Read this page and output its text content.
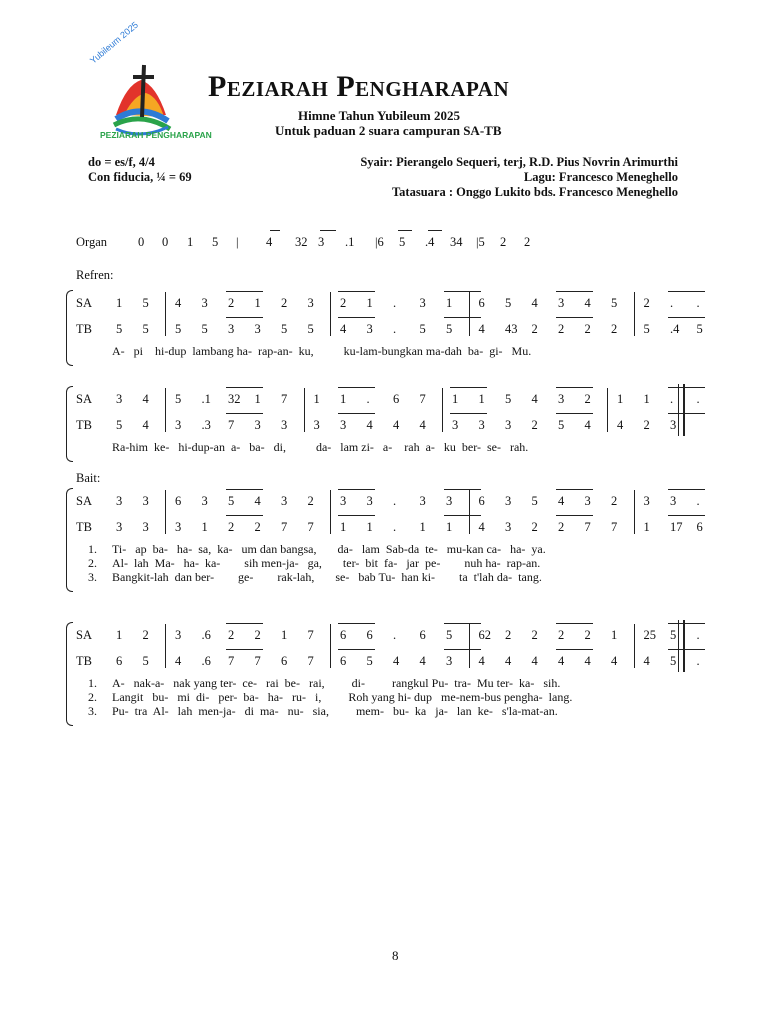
Yubileum 2025
PEZIARAH PENGHARAPAN
Peziarah Pengharapan
Himne Tahun Yubileum 2025
Untuk paduan 2 suara campuran SA-TB
do = es/f, 4/4
Con fiducia, ¼ = 69
Syair: Pierangelo Sequeri, terj, R.D. Pius Novrin Arimurthi
Lagu: Francesco Meneghello
Tatasuara : Onggo Lukito bds. Francesco Meneghello
Organ 0 0 1 5 | 4 32 3 .1 |6 5 .4 34 |5 2 2
Refren:
Bait:
SA
TB
1 5 4 3 2 1 2 3 2 1 . 3 1 6 5 4 3 4 5 2 . .
5 5 5 5 3 3 5 5 4 3 . 5 5 4 43 2 2 2 2 5 .4 5
A-   pi    hi-dup  lambang ha-  rap-an-  ku,          ku-lam-bungkan ma-dah  ba-  gi-   Mu.
SA
TB
3 4 5 .1 32 1 7 1 1 . 6 7 1 1 5 4 3 2 1 1 . .
5 4 3 .3 7 3 3 3 3 4 4 4 3 3 3 2 5 4 4 2 3
Ra-him  ke-   hi-dup-an  a-   ba-   di,          da-   lam zi-   a-    rah  a-   ku  ber-  se-   rah.
SA
TB
3 3 6 3 5 4 3 2 3 3 . 3 3 6 3 5 4 3 2 3 3 .
3 3 3 1 2 2 7 7 1 1 . 1 1 4 3 2 2 7 7 1 17 6
1. Ti-   ap  ba-   ha-  sa,  ka-   um dan bangsa,       da-   lam  Sab-da  te-   mu-kan ca-   ha-  ya.
2. Al-  lah  Ma-   ha-  ka-        sih men-ja-   ga,       ter-  bit  fa-   jar  pe-        nuh ha-  rap-an.
3. Bangkit-lah  dan ber-        ge-        rak-lah,       se-   bab Tu-  han ki-        ta  t'lah da-  tang.
SA
TB
1 2 3 .6 2 2 1 7 6 6 . 6 5 62 2 2 2 2 1 25 5 .
6 5 4 .6 7 7 6 7 6 5 4 4 3 4 4 4 4 4 4 4 5 .
1. A-   nak-a-   nak yang ter-  ce-   rai  be-   rai,         di-         rangkul Pu-  tra-  Mu ter-  ka-   sih.
2. Langit   bu-   mi  di-   per-  ba-   ha-   ru-   i,         Roh yang hi- dup   me-nem-bus pengha-  lang.
3. Pu-  tra  Al-   lah  men-ja-   di  ma-   nu-   sia,         mem-   bu-  ka   ja-   lan  ke-   s'la-mat-an.
8
